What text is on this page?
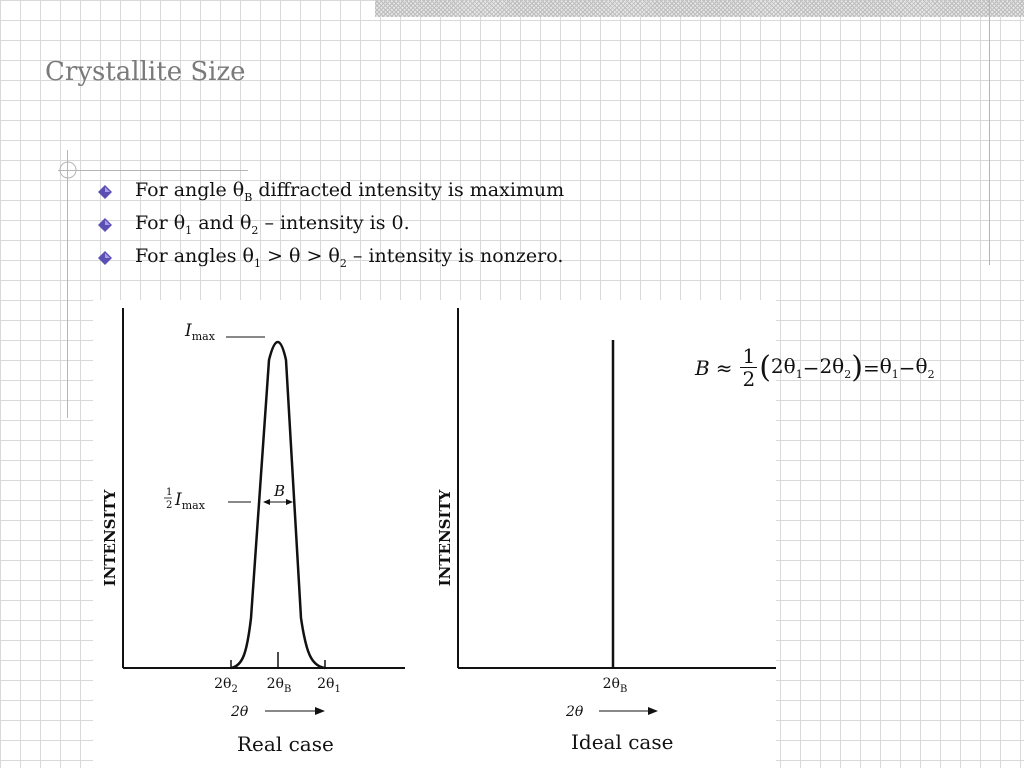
Crystallite Size
For angle $\theta_B$ diffracted intensity is maximum
For $\theta_1$ and $\theta_2$ – intensity is 0.
For angles $\theta_1 > \theta > \theta_2$ – intensity is nonzero.
INTENSITY
$I_{max}$
1
2 $I_{max}$
B
$2\theta_2$ $2\theta_B$ $2\theta_1$
2θ
INTENSITY
$2\theta_B$
2θ
Real case	Ideal case
$B \approx \frac{1}{2}$ ( $2\theta_1 - 2\theta_2$ ) = $\theta_1 - \theta_2$
